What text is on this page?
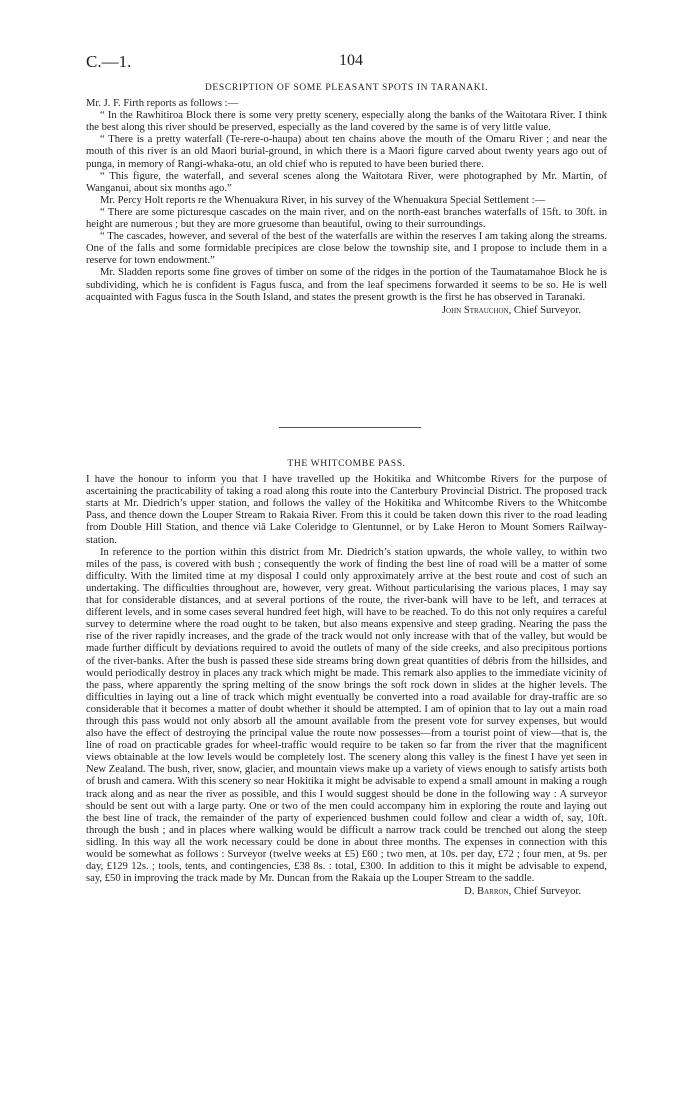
C.—1.	104
DESCRIPTION OF SOME PLEASANT SPOTS IN TARANAKI.

Mr. J. F. Firth reports as follows :—

“ In the Rawhitiroa Block there is some very pretty scenery, especially along the banks of the Waitotara River. I think the best along this river should be preserved, especially as the land covered by the same is of very little value.

“ There is a pretty waterfall (Te-rere-o-haupa) about ten chains above the mouth of the Omaru River ; and near the mouth of this river is an old Maori burial-ground, in which there is a Maori figure carved about twenty years ago out of punga, in memory of Rangi-whaka-otu, an old chief who is reputed to have been buried there.

“ This figure, the waterfall, and several scenes along the Waitotara River, were photographed by Mr. Martin, of Wanganui, about six months ago.”

Mr. Percy Holt reports re the Whenuakura River, in his survey of the Whenuakura Special Settlement :—

“ There are some picturesque cascades on the main river, and on the north-east branches waterfalls of 15ft. to 30ft. in height are numerous ; but they are more gruesome than beautiful, owing to their surroundings.

“ The cascades, however, and several of the best of the waterfalls are within the reserves I am taking along the streams. One of the falls and some formidable precipices are close below the township site, and I propose to include them in a reserve for town endowment.”

Mr. Sladden reports some fine groves of timber on some of the ridges in the portion of the Taumatamahoe Block he is subdividing, which he is confident is Fagus fusca, and from the leaf specimens forwarded it seems to be so. He is well acquainted with Fagus fusca in the South Island, and states the present growth is the first he has observed in Taranaki.

John Strauchon, Chief Surveyor.
THE WHITCOMBE PASS.

I have the honour to inform you that I have travelled up the Hokitika and Whitcombe Rivers for the purpose of ascertaining the practicability of taking a road along this route into the Canterbury Provincial District. The proposed track starts at Mr. Diedrich’s upper station, and follows the valley of the Hokitika and Whitcombe Rivers to the Whitcombe Pass, and thence down the Louper Stream to Rakaia River. From this it could be taken down this river to the road leading from Double Hill Station, and thence viâ Lake Coleridge to Glentunnel, or by Lake Heron to Mount Somers Railway-station.

In reference to the portion within this district from Mr. Diedrich’s station upwards, the whole valley, to within two miles of the pass, is covered with bush ; consequently the work of finding the best line of road will be a matter of some difficulty. With the limited time at my disposal I could only approximately arrive at the best route and cost of such an undertaking. The difficulties throughout are, however, very great. Without particularising the various places, I may say that for considerable distances, and at several portions of the route, the river-bank will have to be left, and terraces at different levels, and in some cases several hundred feet high, will have to be reached. To do this not only requires a careful survey to determine where the road ought to be taken, but also means expensive and steep grading. Nearing the pass the rise of the river rapidly increases, and the grade of the track would not only increase with that of the valley, but would be made further difficult by deviations required to avoid the outlets of many of the side creeks, and also precipitous portions of the river-banks. After the bush is passed these side streams bring down great quantities of débris from the hillsides, and would periodically destroy in places any track which might be made. This remark also applies to the immediate vicinity of the pass, where apparently the spring melting of the snow brings the soft rock down in slides at the higher levels. The difficulties in laying out a line of track which might eventually be converted into a road available for dray-traffic are so considerable that it becomes a matter of doubt whether it should be attempted. I am of opinion that to lay out a main road through this pass would not only absorb all the amount available from the present vote for survey expenses, but would also have the effect of destroying the principal value the route now possesses—from a tourist point of view—that is, the line of road on practicable grades for wheel-traffic would require to be taken so far from the river that the magnificent views obtainable at the low levels would be completely lost. The scenery along this valley is the finest I have yet seen in New Zealand. The bush, river, snow, glacier, and mountain views make up a variety of views enough to satisfy artists both of brush and camera. With this scenery so near Hokitika it might be advisable to expend a small amount in making a rough track along and as near the river as possible, and this I would suggest should be done in the following way : A surveyor should be sent out with a large party. One or two of the men could accompany him in exploring the route and laying out the best line of track, the remainder of the party of experienced bushmen could follow and clear a width of, say, 10ft. through the bush ; and in places where walking would be difficult a narrow track could be trenched out along the steep sidling. In this way all the work necessary could be done in about three months. The expenses in connection with this would be somewhat as follows : Surveyor (twelve weeks at £5) £60 ; two men, at 10s. per day, £72 ; four men, at 9s. per day, £129 12s. ; tools, tents, and contingencies, £38 8s. : total, £300. In addition to this it might be advisable to expend, say, £50 in improving the track made by Mr. Duncan from the Rakaia up the Louper Stream to the saddle.

D. Barron, Chief Surveyor.
